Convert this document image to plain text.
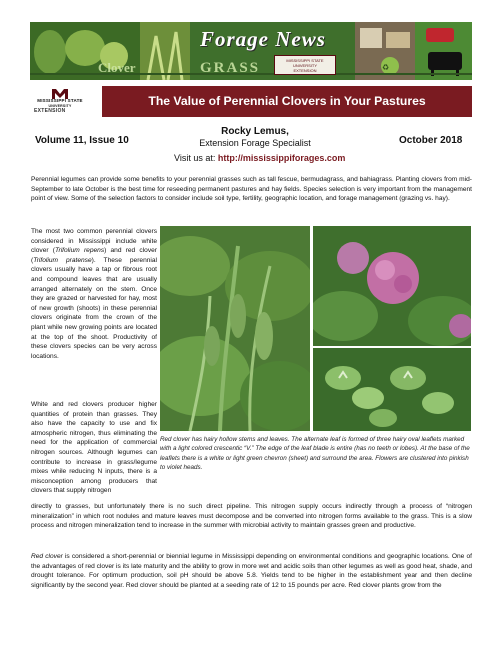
♻
Forage News
Clover	GRASS	MISSISSIPPI STATE
UNIVERSITY
EXTENSION
MISSISSIPPI STATE
UNIVERSITY
EXTENSION
The Value of Perennial Clovers in Your Pastures
Volume 11, Issue 10
Rocky Lemus,
Extension Forage Specialist	October 2018
Visit us at: http://mississippiforages.com
Perennial legumes can provide some benefits to your perennial grasses such as tall fescue, bermudagrass, and bahiagrass. Planting clovers from mid-September to late October is the best time for reseeding permanent pastures and hay fields. Species selection is very important from the management point of view. Some of the selection factors to consider include soil type, fertility, geographic location, and forage management (grazing vs. hay).
The most two common perennial clovers considered in Mississippi include white clover (Trifolium repens) and red clover (Trifolium pratense). These perennial clovers usually have a tap or fibrous root and compound leaves that are usually arranged alternately on the stem. Once they are grazed or harvested for hay, most of new growth (shoots) in these perennial clovers originate from the crown of the plant while new growing points are located at the top of the shoot. Productivity of these clovers species can be very across locations.
White and red clovers producer higher quantities of protein than grasses. They also have the capacity to use and fix atmospheric nitrogen, thus eliminating the need for the application of commercial nitrogen sources. Although legumes can contribute to increase in grass/legume mixes while reducing N inputs, there is a misconception among producers that clovers that supply nitrogen
Red clover has hairy hollow stems and leaves. The alternate leaf is formed of three hairy oval leaflets marked with a light colored crescentic “V.” The edge of the leaf blade is entire (has no teeth or lobes). At the base of the leaflets there is a white or light green chevron (sheet) and surround the area. Flowers are clustered into pinkish to violet heads.
directly to grasses, but unfortunately there is no such direct pipeline. This nitrogen supply occurs indirectly through a process of “nitrogen mineralization” in which root nodules and mature leaves must decompose and be converted into nitrogen forms available to the grass. This is a slow process and nitrogen mineralization tend to increase in the summer with microbial activity to maintain grasses green and productive.
Red clover is considered a short-perennial or biennial legume in Mississippi depending on environmental conditions and geographic locations. One of the advantages of red clover is its late maturity and the ability to grow in more wet and acidic soils than other legumes as well as good heat, shade, and drought tolerance. For optimum production, soil pH should be above 5.8. Yields tend to be higher in the establishment year and then decline significantly by the second year. Red clover should be planted at a seeding rate of 12 to 15 pounds per acre. Red clover plants grow from the
